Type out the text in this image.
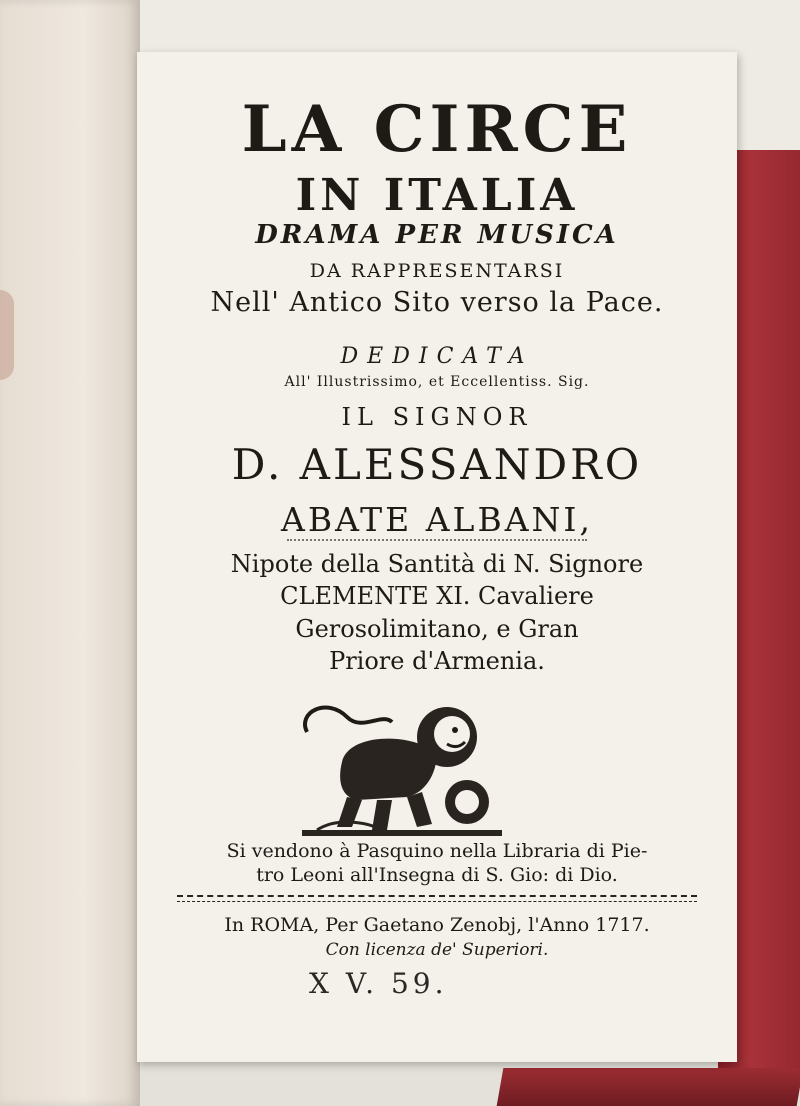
LA CIRCE
IN ITALIA
DRAMA PER MUSICA
DA RAPPRESENTARSI
Nell' Antico Sito verso la Pace.
DEDICATA
All' Illustrissimo, et Eccellentiss. Sig.
IL SIGNOR
D. ALESSANDRO
ABATE ALBANI,
Nipote della Santità di N. Signore
CLEMENTE XI. Cavaliere
Gerosolimitano, e Gran
Priore d'Armenia.
Si vendono à Pasquino nella Libraria di Pie-
tro Leoni all'Insegna di S. Gio: di Dio.
In ROMA, Per Gaetano Zenobj, l'Anno 1717.
Con licenza de' Superiori.
X V. 59.
